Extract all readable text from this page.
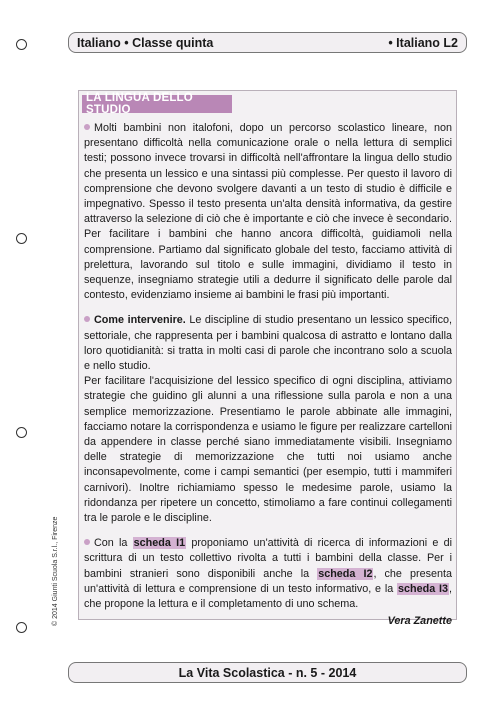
Italiano • Classe quinta	• Italiano L2
LA LINGUA DELLO STUDIO

Molti bambini non italofoni, dopo un percorso scolastico lineare, non presentano difficoltà nella comunicazione orale o nella lettura di semplici testi; possono invece trovarsi in difficoltà nell'affrontare la lingua dello studio che presenta un lessico e una sintassi più complesse. Per questo il lavoro di comprensione che devono svolgere davanti a un testo di studio è difficile e impegnativo. Spesso il testo presenta un'alta densità informativa, da gestire attraverso la selezione di ciò che è importante e ciò che invece è secondario. Per facilitare i bambini che hanno ancora difficoltà, guidiamoli nella comprensione. Partiamo dal significato globale del testo, facciamo attività di prelettura, lavorando sul titolo e sulle immagini, dividiamo il testo in sequenze, insegniamo strategie utili a dedurre il significato delle parole dal contesto, evidenziamo insieme ai bambini le frasi più importanti.

Come intervenire. Le discipline di studio presentano un lessico specifico, settoriale, che rappresenta per i bambini qualcosa di astratto e lontano dalla loro quotidianità: si tratta in molti casi di parole che incontrano solo a scuola e nello studio.

Per facilitare l'acquisizione del lessico specifico di ogni disciplina, attiviamo strategie che guidino gli alunni a una riflessione sulla parola e non a una semplice memorizzazione. Presentiamo le parole abbinate alle immagini, facciamo notare la corrispondenza e usiamo le figure per realizzare cartelloni da appendere in classe perché siano immediatamente visibili. Insegniamo delle strategie di memorizzazione che tutti noi usiamo anche inconsapevolmente, come i campi semantici (per esempio, tutti i mammiferi carnivori). Inoltre richiamiamo spesso le medesime parole, usiamo la ridondanza per ripetere un concetto, stimoliamo a fare continui collegamenti tra le parole e le discipline.

Con la scheda I1 proponiamo un'attività di ricerca di informazioni e di scrittura di un testo collettivo rivolta a tutti i bambini della classe. Per i bambini stranieri sono disponibili anche la scheda I2, che presenta un'attività di lettura e comprensione di un testo informativo, e la scheda I3, che propone la lettura e il completamento di uno schema.

Vera Zanette
© 2014 Giunti Scuola S.r.l., Firenze
La Vita Scolastica - n. 5 - 2014
